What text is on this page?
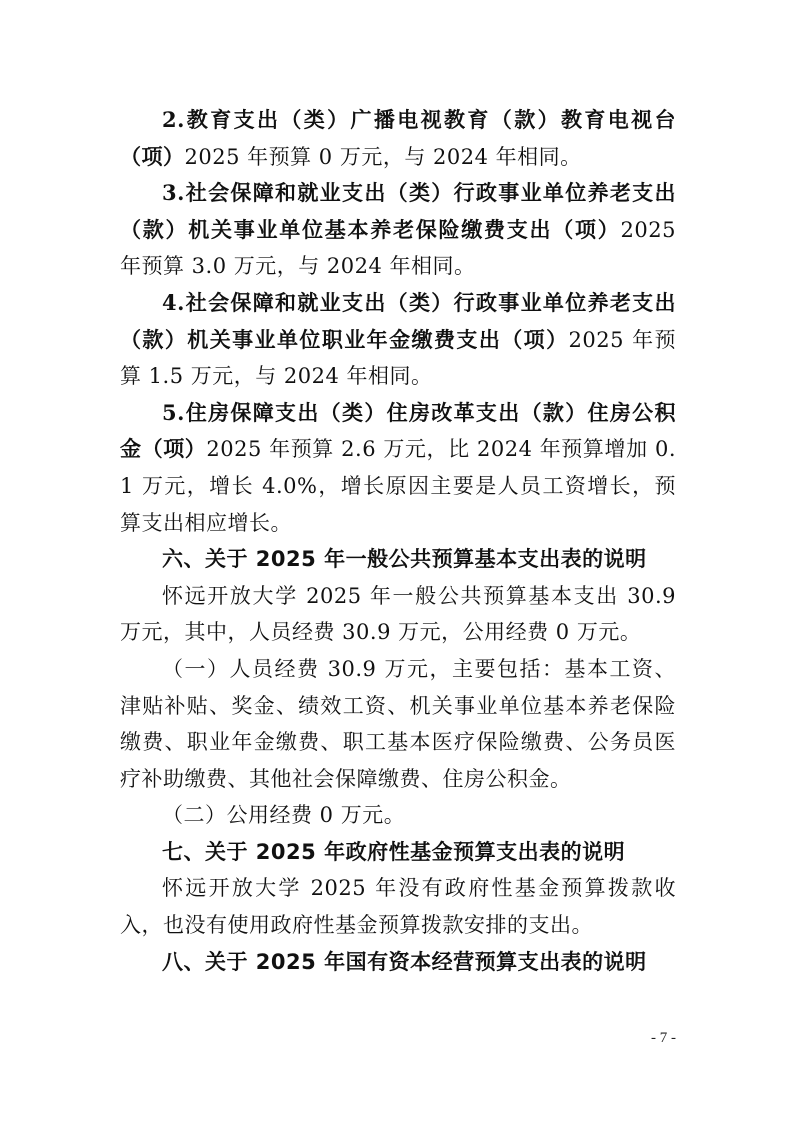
2.教育支出（类）广播电视教育（款）教育电视台（项）2025 年预算 0 万元，与 2024 年相同。

3.社会保障和就业支出（类）行政事业单位养老支出（款）机关事业单位基本养老保险缴费支出（项）2025 年预算 3.0 万元，与 2024 年相同。

4.社会保障和就业支出（类）行政事业单位养老支出（款）机关事业单位职业年金缴费支出（项）2025 年预算 1.5 万元，与 2024 年相同。

5.住房保障支出（类）住房改革支出（款）住房公积金（项）2025 年预算 2.6 万元，比 2024 年预算增加 0.1 万元，增长 4.0%，增长原因主要是人员工资增长，预算支出相应增长。

六、关于 2025 年一般公共预算基本支出表的说明

怀远开放大学 2025 年一般公共预算基本支出 30.9 万元，其中，人员经费 30.9 万元，公用经费 0 万元。

（一）人员经费 30.9 万元，主要包括：基本工资、津贴补贴、奖金、绩效工资、机关事业单位基本养老保险缴费、职业年金缴费、职工基本医疗保险缴费、公务员医疗补助缴费、其他社会保障缴费、住房公积金。

（二）公用经费 0 万元。

七、关于 2025 年政府性基金预算支出表的说明

怀远开放大学 2025 年没有政府性基金预算拨款收入，也没有使用政府性基金预算拨款安排的支出。

八、关于 2025 年国有资本经营预算支出表的说明

- 7 -
